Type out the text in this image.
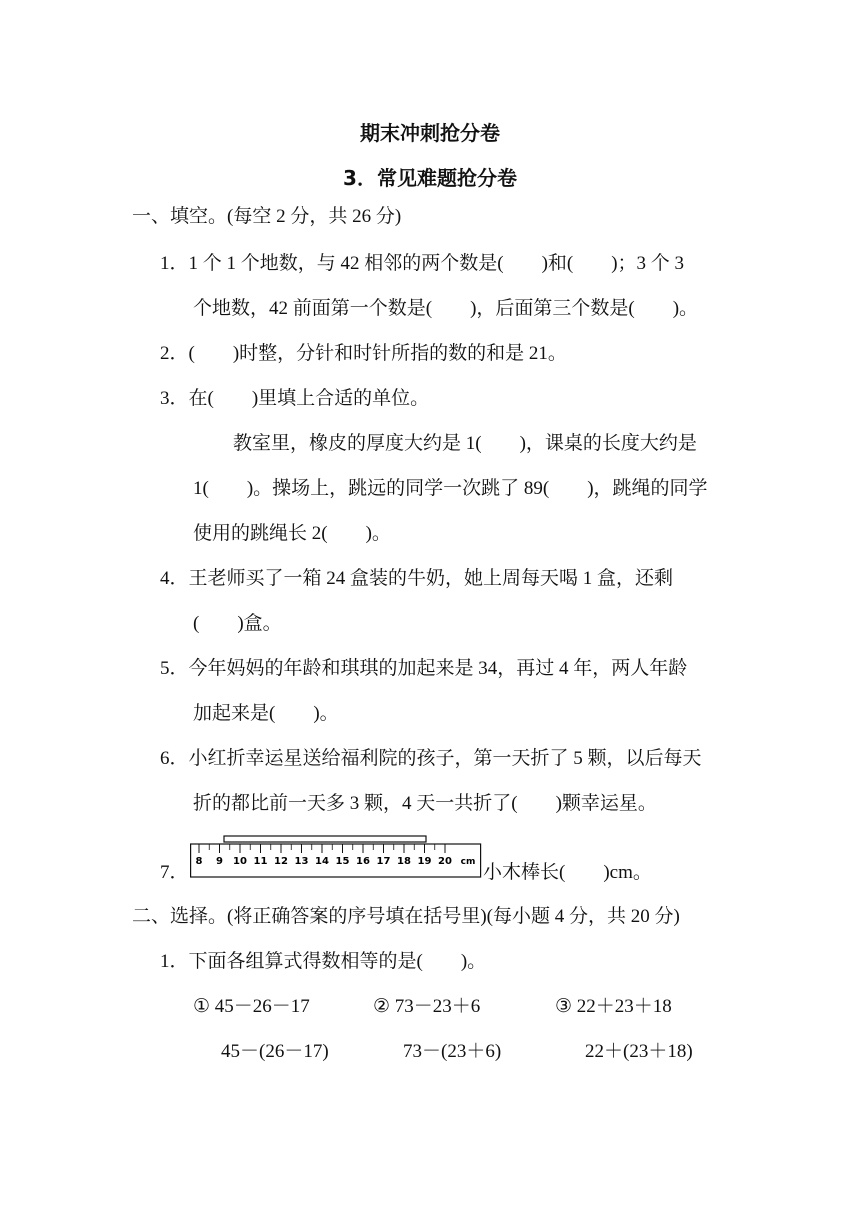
期末冲刺抢分卷
3．常见难题抢分卷
一、填空。(每空 2 分，共 26 分)
1．1 个 1 个地数，与 42 相邻的两个数是(　　)和(　　)；3 个 3
个地数，42 前面第一个数是(　　)，后面第三个数是(　　)。
2．(　　)时整，分针和时针所指的数的和是 21。
3．在(　　)里填上合适的单位。
教室里，橡皮的厚度大约是 1(　　)，课桌的长度大约是
1(　　)。操场上，跳远的同学一次跳了 89(　　)，跳绳的同学
使用的跳绳长 2(　　)。
4．王老师买了一箱 24 盒装的牛奶，她上周每天喝 1 盒，还剩
(　　)盒。
5．今年妈妈的年龄和琪琪的加起来是 34，再过 4 年，两人年龄
加起来是(　　)。
6．小红折幸运星送给福利院的孩子，第一天折了 5 颗，以后每天
折的都比前一天多 3 颗，4 天一共折了(　　)颗幸运星。
7．
8 9 10 11 12 13 14 15 16 17 18 19 20 cm 小木棒长(　　)cm。
二、选择。(将正确答案的序号填在括号里)(每小题 4 分，共 20 分)
1．下面各组算式得数相等的是(　　)。
① 45－26－17	② 73－23＋6	③ 22＋23＋18
45－(26－17)	73－(23＋6)	22＋(23＋18)
